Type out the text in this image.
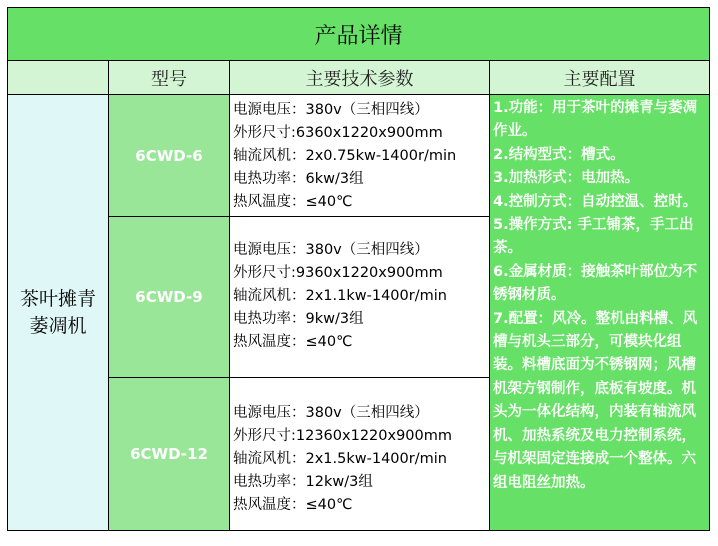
产品详情
型号	主要技术参数	主要配置
茶叶摊青萎凋机
6CWD-6
6CWD-9
6CWD-12
电源电压：380v（三相四线）
外形尺寸:6360x1220x900mm
轴流风机：2x0.75kw-1400r/min
电热功率：6kw/3组
热风温度：≤40℃
电源电压：380v（三相四线）
外形尺寸:9360x1220x900mm
轴流风机：2x1.1kw-1400r/min
电热功率：9kw/3组
热风温度：≤40℃
电源电压：380v（三相四线）
外形尺寸:12360x1220x900mm
轴流风机：2x1.5kw-1400r/min
电热功率：12kw/3组
热风温度：≤40℃
1.功能：用于茶叶的摊青与萎凋作业。
2.结构型式：槽式。
3.加热形式：电加热。
4.控制方式：自动控温、控时。
5.操作方式: 手工铺茶，手工出茶。
6.金属材质：接触茶叶部位为不锈钢材质。
7.配置：风冷。整机由料槽、风槽与机头三部分，可模块化组装。料槽底面为不锈钢网；风槽机架方钢制作，底板有坡度。机头为一体化结构，内装有轴流风机、加热系统及电力控制系统，与机架固定连接成一个整体。六组电阻丝加热。
